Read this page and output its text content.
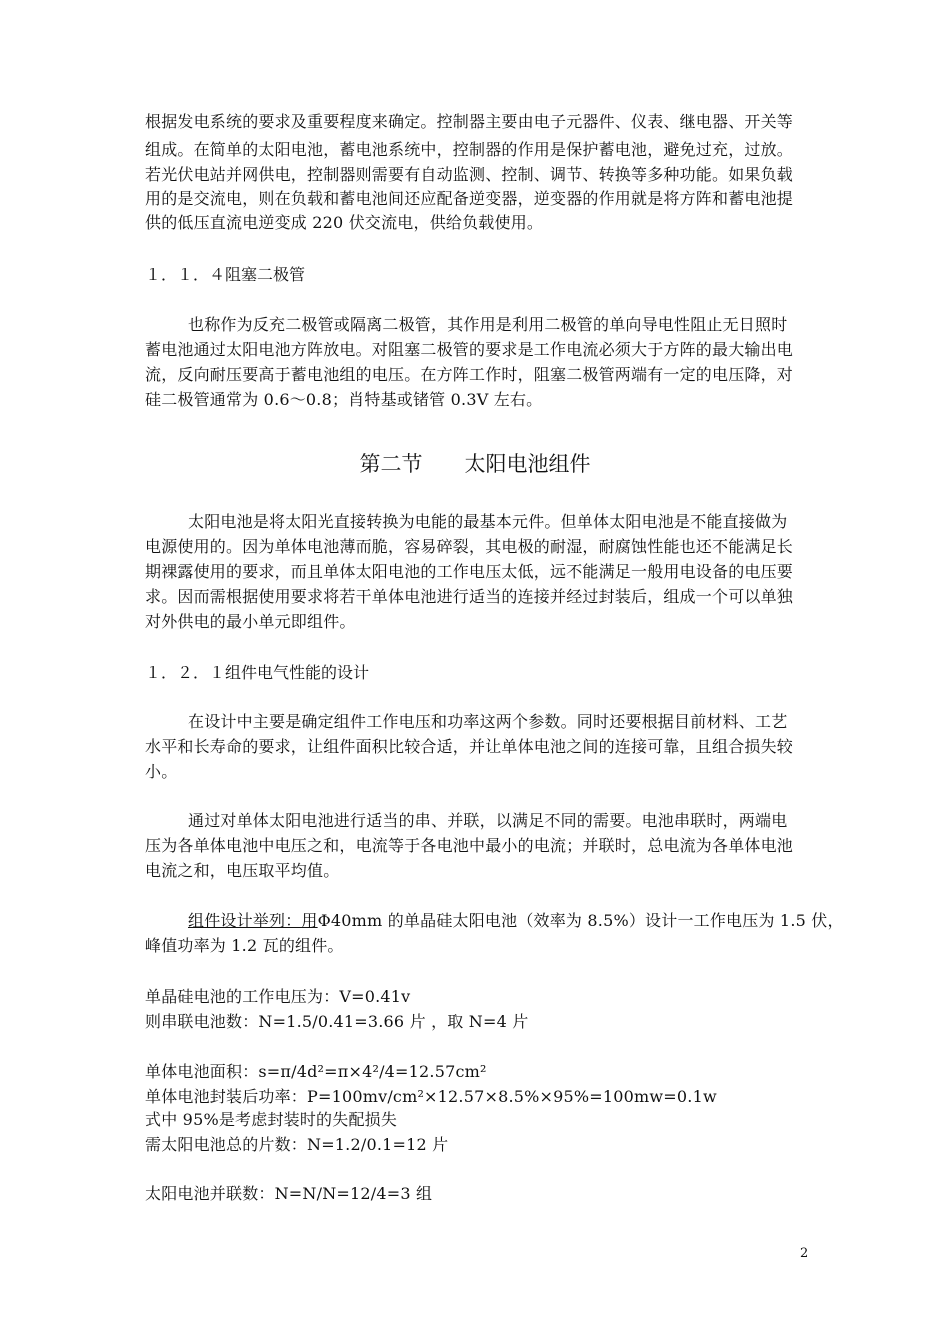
根据发电系统的要求及重要程度来确定。控制器主要由电子元器件、仪表、继电器、开关等
组成。在简单的太阳电池，蓄电池系统中，控制器的作用是保护蓄电池，避免过充，过放。
若光伏电站并网供电，控制器则需要有自动监测、控制、调节、转换等多种功能。如果负载
用的是交流电，则在负载和蓄电池间还应配备逆变器，逆变器的作用就是将方阵和蓄电池提
供的低压直流电逆变成 220 伏交流电，供给负载使用。
１．１．４阻塞二极管
也称作为反充二极管或隔离二极管，其作用是利用二极管的单向导电性阻止无日照时
蓄电池通过太阳电池方阵放电。对阻塞二极管的要求是工作电流必须大于方阵的最大输出电
流，反向耐压要高于蓄电池组的电压。在方阵工作时，阻塞二极管两端有一定的电压降，对
硅二极管通常为 0.6～0.8；肖特基或锗管 0.3V 左右。
第二节　　太阳电池组件
太阳电池是将太阳光直接转换为电能的最基本元件。但单体太阳电池是不能直接做为
电源使用的。因为单体电池薄而脆，容易碎裂，其电极的耐湿，耐腐蚀性能也还不能满足长
期裸露使用的要求，而且单体太阳电池的工作电压太低，远不能满足一般用电设备的电压要
求。因而需根据使用要求将若干单体电池进行适当的连接并经过封装后，组成一个可以单独
对外供电的最小单元即组件。
１．２．１组件电气性能的设计
在设计中主要是确定组件工作电压和功率这两个参数。同时还要根据目前材料、工艺
水平和长寿命的要求，让组件面积比较合适，并让单体电池之间的连接可靠，且组合损失较
小。
通过对单体太阳电池进行适当的串、并联，以满足不同的需要。电池串联时，两端电
压为各单体电池中电压之和，电流等于各电池中最小的电流；并联时，总电流为各单体电池
电流之和，电压取平均值。
组件设计举列：用Φ40mm 的单晶硅太阳电池（效率为 8.5%）设计一工作电压为 1.5 伏，
峰值功率为 1.2 瓦的组件。
单晶硅电池的工作电压为：V=0.41v
则串联电池数：N=1.5/0.41=3.66 片 ，取 N=4 片
单体电池面积：s=π/4d²=π×4²/4=12.57cm²
单体电池封装后功率：P=100mv/cm²×12.57×8.5%×95%=100mw=0.1w
式中 95%是考虑封装时的失配损失
需太阳电池总的片数：N=1.2/0.1=12 片
太阳电池并联数：N=N/N=12/4=3 组
2
